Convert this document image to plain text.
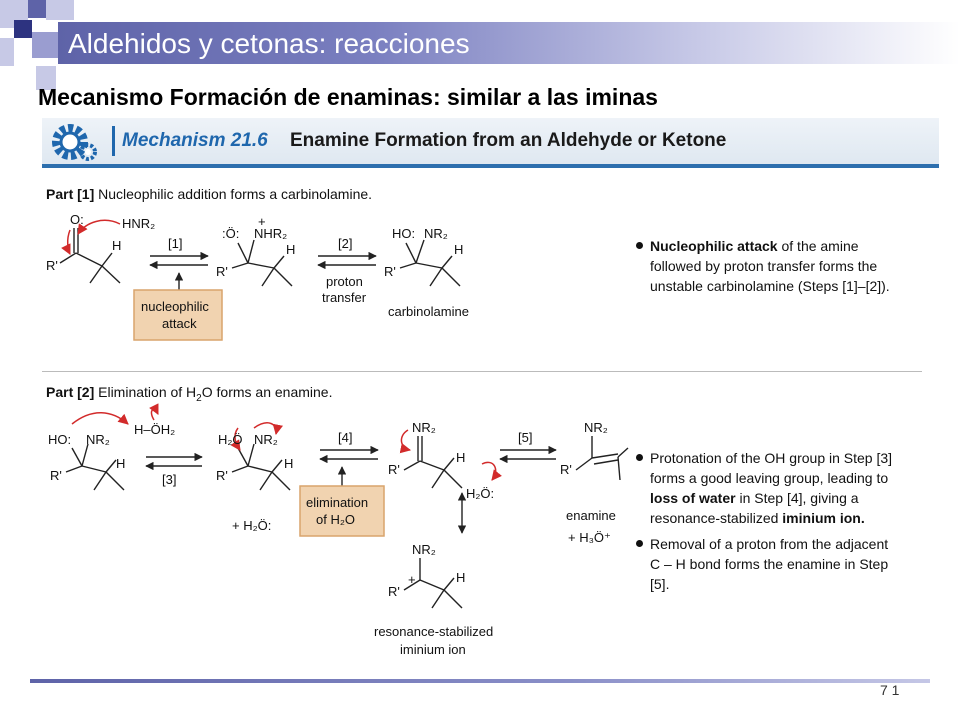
Aldehidos y cetonas: reacciones
Mecanismo Formación de enaminas: similar a las iminas
Mechanism 21.6 Enamine Formation from an Aldehyde or Ketone
Part [1] Nucleophilic addition forms a carbinolamine.
Nucleophilic attack of the amine followed by proton transfer forms the unstable carbinolamine (Steps [1]–[2]).
Part [2] Elimination of $H_2O$ forms an enamine.
Protonation of the OH group in Step [3] forms a good leaving group, leading to loss of water in Step [4], giving a resonance-stabilized iminium ion.
Removal of a proton from the adjacent C – H bond forms the enamine in Step [5].
O:	HNR₂
R'
H
:Ö: NHR₂
+
R'
H
HO: NR₂
R'
H
[1]	[2]
proton
transfer
nucleophilic
attack
carbinolamine
HO: NR₂
H–ÖH₂
R'
H
[3]
H₂Ö NR₂
R'
H
+ H₂Ö:
[4]
elimination
of H₂O
NR₂
R'
H
H₂Ö:
[5]
NR₂
R'
enamine
+ H₃Ö⁺
NR₂
+
R'
H
resonance-stabilized
iminium ion
7 1
